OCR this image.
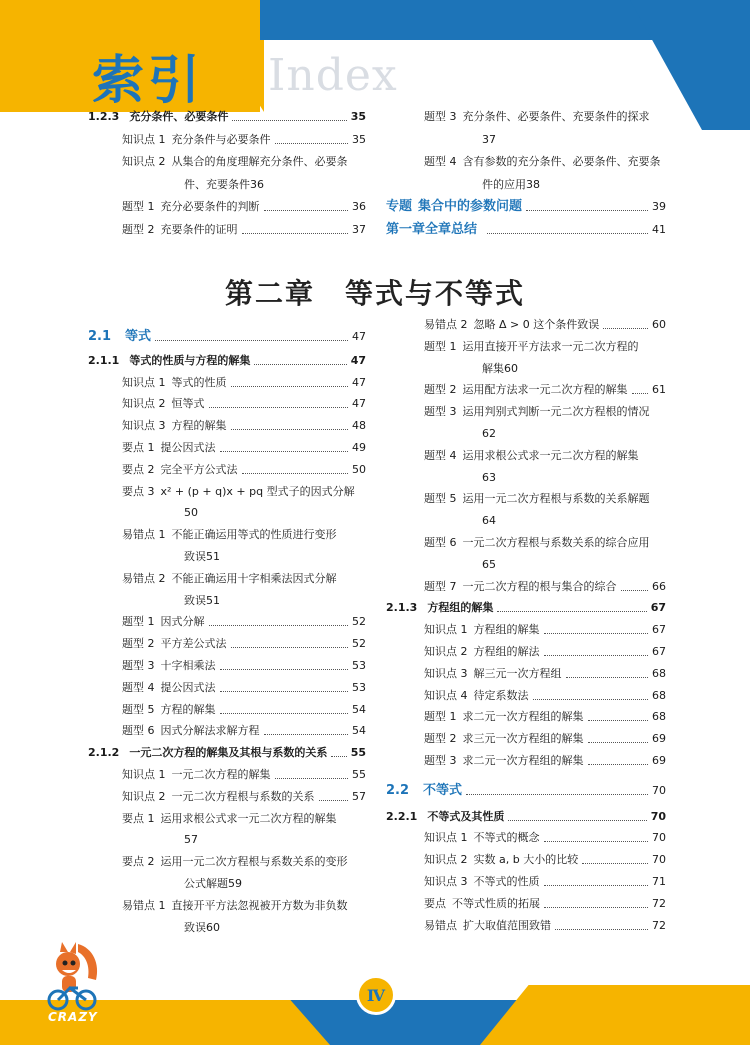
Index
索引
第二章　等式与不等式
1.2.3 充分条件、必要条件	35
知识点 1 充分条件与必要条件	35
知识点 2 从集合的角度理解充分条件、必要条
件、充要条件 36
题型 1 充分必要条件的判断	36
题型 2 充要条件的证明	37
题型 3 充分条件、必要条件、充要条件的探求
37
题型 4 含有参数的充分条件、必要条件、充要条
件的应用 38
专题 集合中的参数问题	39
第一章全章总结	41
2.1	等式	47
2.1.1 等式的性质与方程的解集	47
知识点 1 等式的性质	47
知识点 2 恒等式	47
知识点 3 方程的解集	48
要点 1 提公因式法	49
要点 2 完全平方公式法	50
要点 3 x² + (p + q)x + pq 型式子的因式分解
50
易错点 1 不能正确运用等式的性质进行变形
致误 51
易错点 2 不能正确运用十字相乘法因式分解
致误 51
题型 1 因式分解	52
题型 2 平方差公式法	52
题型 3 十字相乘法	53
题型 4 提公因式法	53
题型 5 方程的解集	54
题型 6 因式分解法求解方程	54
2.1.2 一元二次方程的解集及其根与系数的关系 55
知识点 1 一元二次方程的解集	55
知识点 2 一元二次方程根与系数的关系	57
要点 1 运用求根公式求一元二次方程的解集
57
要点 2 运用一元二次方程根与系数关系的变形
公式解题 59
易错点 1 直接开平方法忽视被开方数为非负数
致误 60
易错点 2 忽略 Δ > 0 这个条件致误	60
题型 1 运用直接开平方法求一元二次方程的
解集 60
题型 2 运用配方法求一元二次方程的解集 61
题型 3 运用判别式判断一元二次方程根的情况
62
题型 4 运用求根公式求一元二次方程的解集
63
题型 5 运用一元二次方程根与系数的关系解题
64
题型 6 一元二次方程根与系数关系的综合应用
65
题型 7 一元二次方程的根与集合的综合	66
2.1.3 方程组的解集	67
知识点 1 方程组的解集	67
知识点 2 方程组的解法	67
知识点 3 解三元一次方程组	68
知识点 4 待定系数法	68
题型 1 求二元一次方程组的解集	68
题型 2 求三元一次方程组的解集	69
题型 3 求二元一次方程组的解集	69
2.2	不等式	70
2.2.1 不等式及其性质	70
知识点 1 不等式的概念	70
知识点 2 实数 a, b 大小的比较	70
知识点 3 不等式的性质	71
要点 不等式性质的拓展	72
易错点 扩大取值范围致错	72
Ⅳ
CRAZY
